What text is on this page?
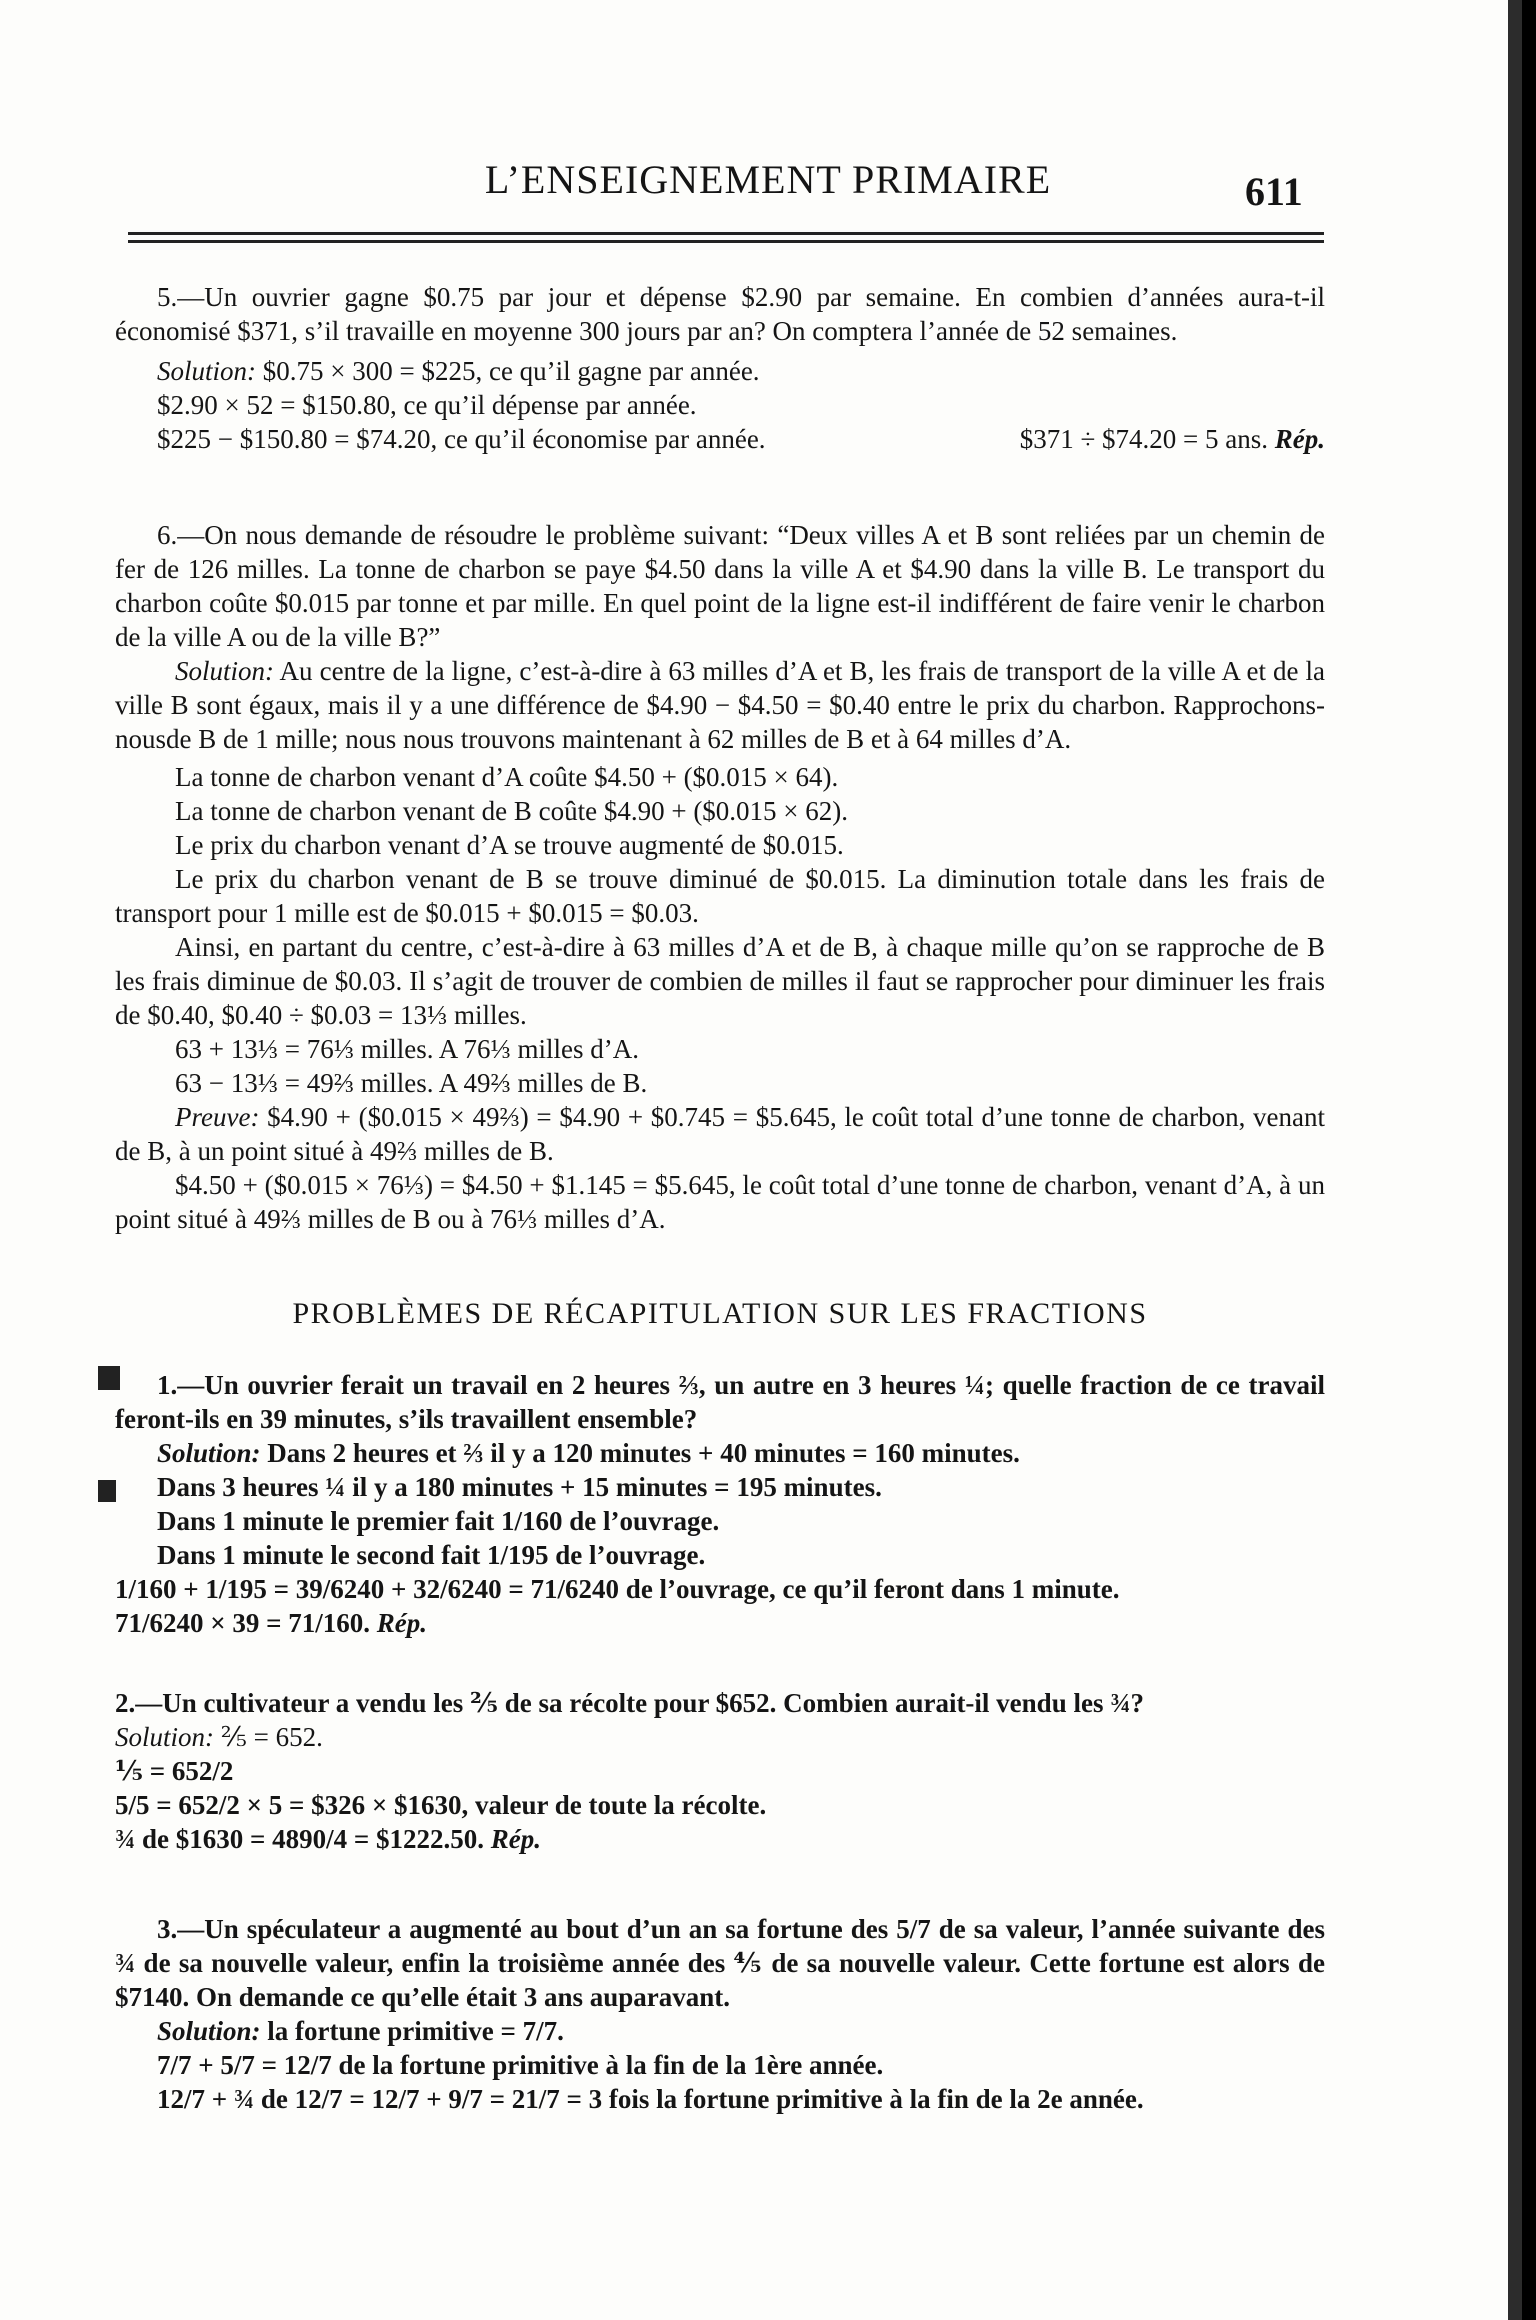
L’ENSEIGNEMENT PRIMAIRE	611

5.—Un ouvrier gagne $0.75 par jour et dépense $2.90 par semaine. En combien d’années aura-t-il économisé $371, s’il travaille en moyenne 300 jours par an? On comptera l’année de 52 semaines.

Solution: $0.75 × 300 = $225, ce qu’il gagne par année.

$2.90 × 52 = $150.80, ce qu’il dépense par année.

$225 − $150.80 = $74.20, ce qu’il économise par année.	$371 ÷ $74.20 = 5 ans. Rép.

6.—On nous demande de résoudre le problème suivant: “Deux villes A et B sont reliées par un chemin de fer de 126 milles. La tonne de charbon se paye $4.50 dans la ville A et $4.90 dans la ville B. Le transport du charbon coûte $0.015 par tonne et par mille. En quel point de la ligne est-il indifférent de faire venir le charbon de la ville A ou de la ville B?”

Solution: Au centre de la ligne, c’est-à-dire à 63 milles d’A et B, les frais de transport de la ville A et de la ville B sont égaux, mais il y a une différence de $4.90 − $4.50 = $0.40 entre le prix du charbon. Rapprochons-nousde B de 1 mille; nous nous trouvons maintenant à 62 milles de B et à 64 milles d’A.

La tonne de charbon venant d’A coûte $4.50 + ($0.015 × 64).

La tonne de charbon venant de B coûte $4.90 + ($0.015 × 62).

Le prix du charbon venant d’A se trouve augmenté de $0.015.

Le prix du charbon venant de B se trouve diminué de $0.015. La diminution totale dans les frais de transport pour 1 mille est de $0.015 + $0.015 = $0.03.

Ainsi, en partant du centre, c’est-à-dire à 63 milles d’A et de B, à chaque mille qu’on se rapproche de B les frais diminue de $0.03. Il s’agit de trouver de combien de milles il faut se rapprocher pour diminuer les frais de $0.40, $0.40 ÷ $0.03 = 13⅓ milles.

63 + 13⅓ = 76⅓ milles. A 76⅓ milles d’A.

63 − 13⅓ = 49⅔ milles. A 49⅔ milles de B.

Preuve: $4.90 + ($0.015 × 49⅔) = $4.90 + $0.745 = $5.645, le coût total d’une tonne de charbon, venant de B, à un point situé à 49⅔ milles de B.

$4.50 + ($0.015 × 76⅓) = $4.50 + $1.145 = $5.645, le coût total d’une tonne de charbon, venant d’A, à un point situé à 49⅔ milles de B ou à 76⅓ milles d’A.

PROBLÈMES DE RÉCAPITULATION SUR LES FRACTIONS

1.—Un ouvrier ferait un travail en 2 heures ⅔, un autre en 3 heures ¼; quelle fraction de ce travail feront-ils en 39 minutes, s’ils travaillent ensemble?

Solution: Dans 2 heures et ⅔ il y a 120 minutes + 40 minutes = 160 minutes.

Dans 3 heures ¼ il y a 180 minutes + 15 minutes = 195 minutes.

Dans 1 minute le premier fait 1/160 de l’ouvrage.

Dans 1 minute le second fait 1/195 de l’ouvrage.

1/160 + 1/195 = 39/6240 + 32/6240 = 71/6240 de l’ouvrage, ce qu’il feront dans 1 minute.

71/6240 × 39 = 71/160. Rép.

2.—Un cultivateur a vendu les ⅖ de sa récolte pour $652. Combien aurait-il vendu les ¾?

Solution: ⅖ = 652.

⅕ = 652/2

5/5 = 652/2 × 5 = $326 × $1630, valeur de toute la récolte.

¾ de $1630 = 4890/4 = $1222.50. Rép.

3.—Un spéculateur a augmenté au bout d’un an sa fortune des 5/7 de sa valeur, l’année suivante des ¾ de sa nouvelle valeur, enfin la troisième année des ⅘ de sa nouvelle valeur. Cette fortune est alors de $7140. On demande ce qu’elle était 3 ans auparavant.

Solution: la fortune primitive = 7/7.

7/7 + 5/7 = 12/7 de la fortune primitive à la fin de la 1ère année.

12/7 + ¾ de 12/7 = 12/7 + 9/7 = 21/7 = 3 fois la fortune primitive à la fin de la 2e année.
